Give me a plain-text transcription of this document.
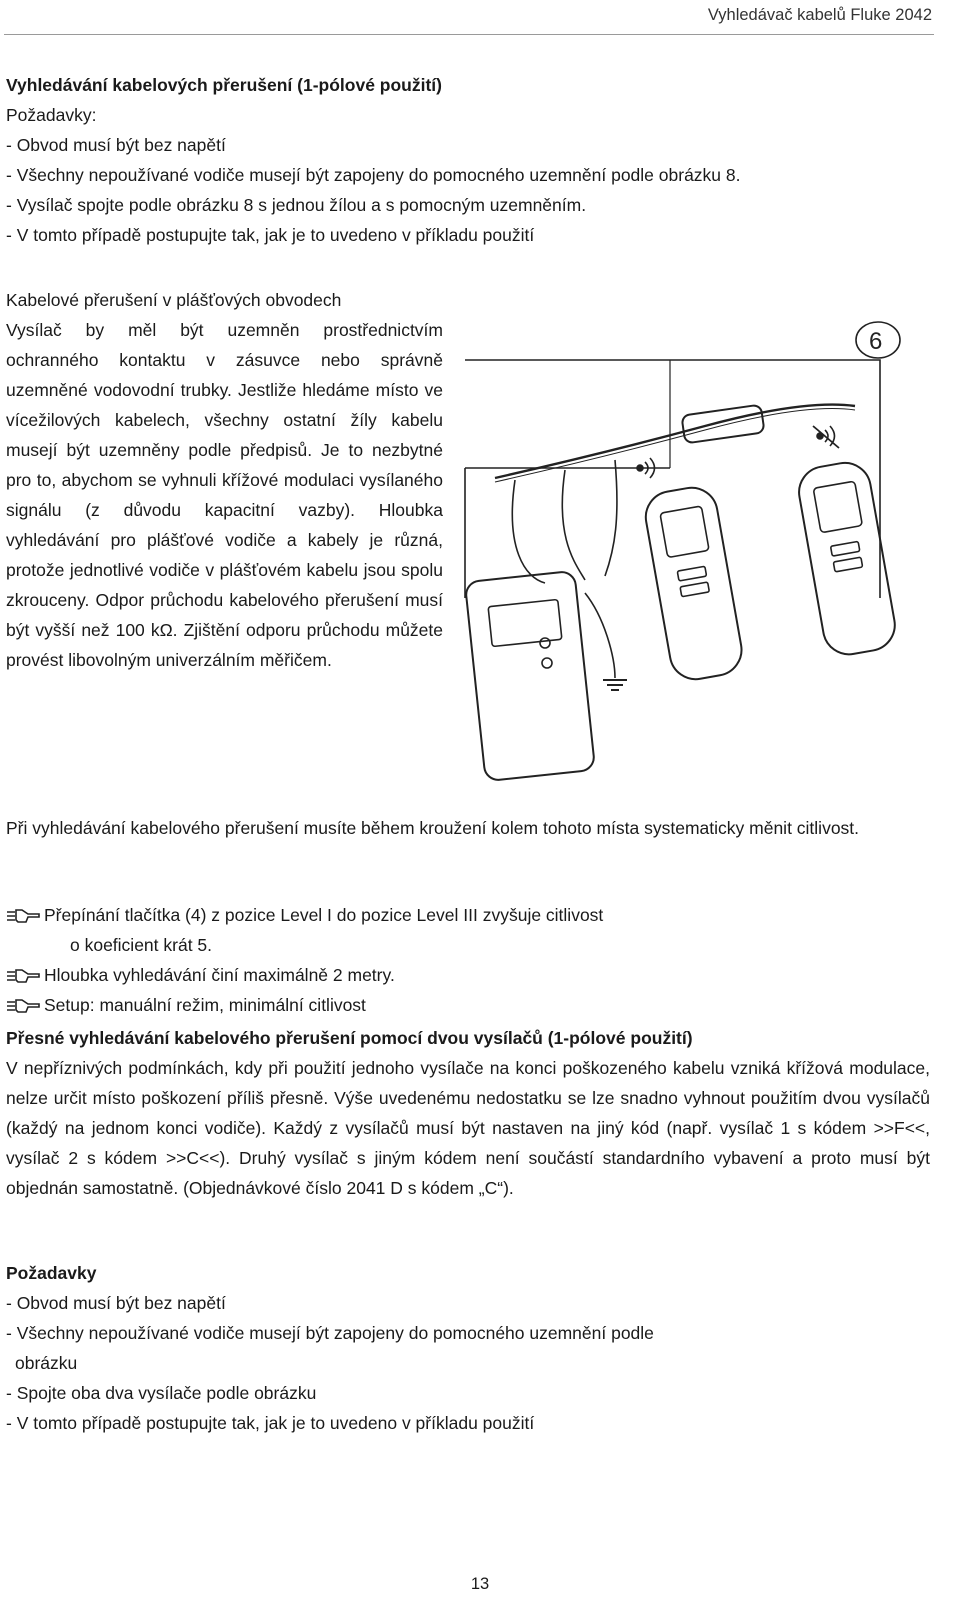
Vyhledávač kabelů Fluke 2042
Vyhledávání kabelových přerušení (1-pólové použití)
Požadavky:
- Obvod musí být bez napětí
- Všechny nepoužívané vodiče musejí být zapojeny do pomocného uzemnění podle obrázku 8.
- Vysílač spojte podle obrázku 8 s jednou žílou a s pomocným uzemněním.
- V tomto případě postupujte tak, jak je to uvedeno v příkladu použití

Kabelové přerušení v plášťových obvodech

Vysílač by měl být uzemněn prostřednictvím ochranného kontaktu v zásuvce nebo správně uzemněné vodovodní trubky. Jestliže hledáme místo ve vícežilových kabelech, všechny ostatní žíly kabelu musejí být uzemněny podle předpisů. Je to nezbytné pro to, abychom se vyhnuli křížové modulaci vysílaného signálu (z důvodu kapacitní vazby). Hloubka vyhledávání pro plášťové vodiče a kabely je různá, protože jednotlivé vodiče v plášťovém kabelu jsou spolu zkrouceny. Odpor průchodu kabelového přerušení musí být vyšší než 100 kΩ. Zjištění odporu průchodu můžete provést libovolným univerzálním měřičem.

6

Při vyhledávání kabelového přerušení musíte během kroužení kolem tohoto místa systematicky měnit citlivost.

Přepínání tlačítka (4) z pozice Level I do pozice Level III zvyšuje citlivost
o koeficient krát 5.
Hloubka vyhledávání činí maximálně 2 metry.
Setup: manuální režim, minimální citlivost
Přesné vyhledávání kabelového přerušení pomocí dvou vysílačů (1-pólové použití)
V nepříznivých podmínkách, kdy při použití jednoho vysílače na konci poškozeného kabelu vzniká křížová modulace, nelze určit místo poškození příliš přesně. Výše uvedenému nedostatku se lze snadno vyhnout použitím dvou vysílačů (každý na jednom konci vodiče). Každý z vysílačů musí být nastaven na jiný kód (např. vysílač 1 s kódem >>F<<, vysílač 2 s kódem >>C<<). Druhý vysílač s jiným kódem není součástí standardního vybavení a proto musí být objednán samostatně. (Objednávkové číslo 2041 D s kódem „C“).
Požadavky
- Obvod musí být bez napětí
- Všechny nepoužívané vodiče musejí být zapojeny do pomocného uzemnění podle
obrázku
- Spojte oba dva vysílače podle obrázku
- V tomto případě postupujte tak, jak je to uvedeno v příkladu použití
13
